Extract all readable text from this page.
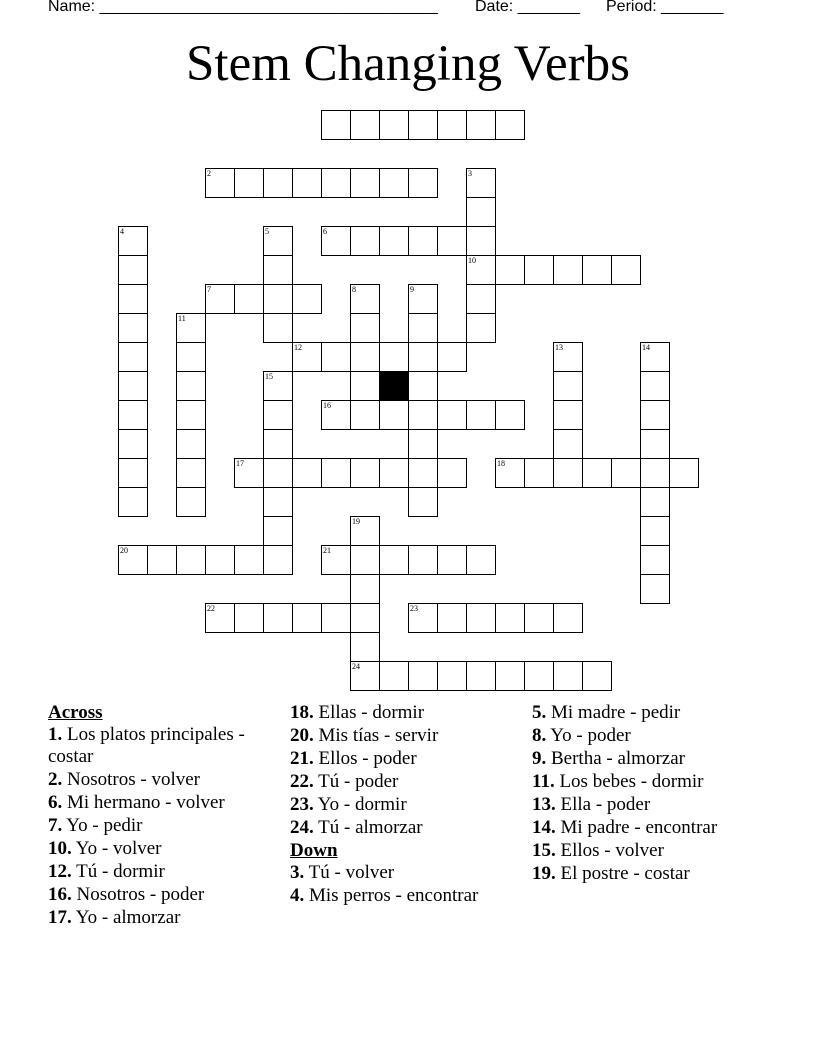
Name: ______________________________________ Date: _______ Period: _______
Stem Changing Verbs
2	3
10
6
4	5
7	8	9
11
12	13	14
15
16
17	18
19
20	21
22	23
24
Across
1. Los platos principales - costar
2. Nosotros - volver
6. Mi hermano - volver
7. Yo - pedir
10. Yo - volver
12. Tú - dormir
16. Nosotros - poder
17. Yo - almorzar
18. Ellas - dormir
20. Mis tías - servir
21. Ellos - poder
22. Tú - poder
23. Yo - dormir
24. Tú - almorzar
Down
3. Tú - volver
4. Mis perros - encontrar
5. Mi madre - pedir
8. Yo - poder
9. Bertha - almorzar
11. Los bebes - dormir
13. Ella - poder
14. Mi padre - encontrar
15. Ellos - volver
19. El postre - costar
